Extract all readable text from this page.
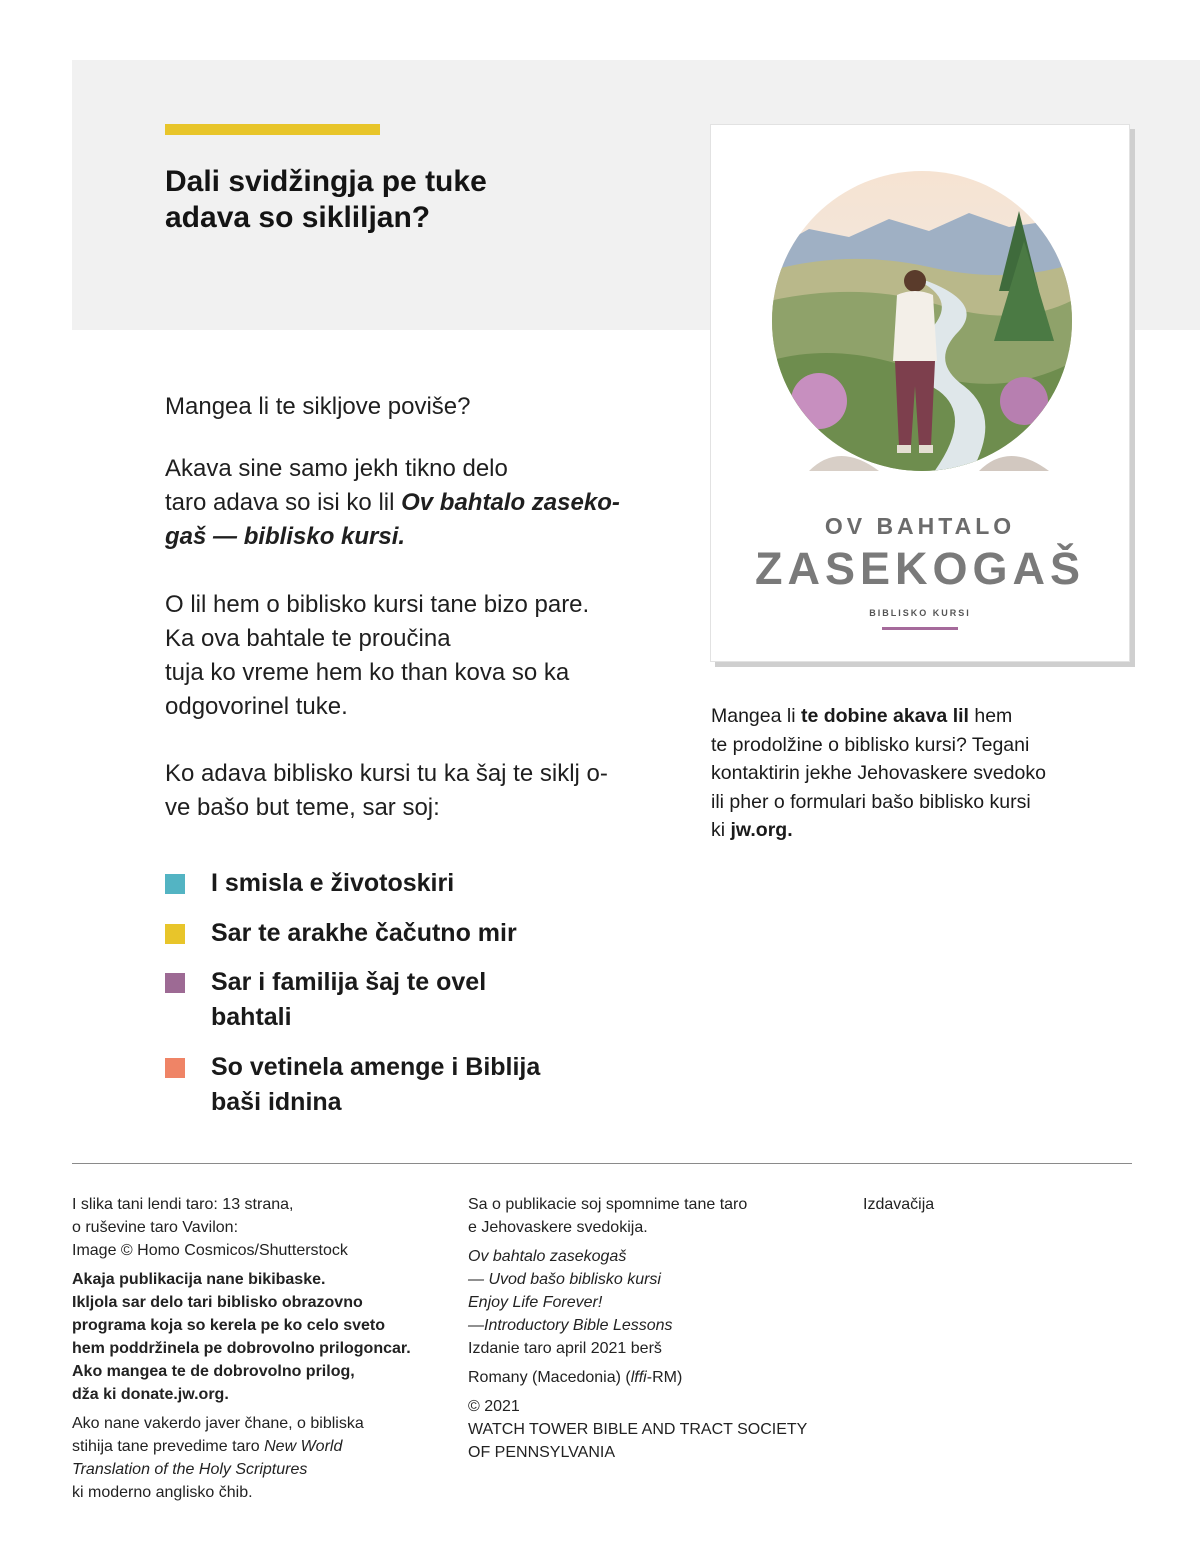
Dali svidžingja pe tuke
adava so sikliljan?

Mangea li te sikljove poviše?

Akava sine samo jekh tikno delo
taro adava so isi ko lil Ov bahtalo zaseko-
gaš — biblisko kursi.

O lil hem o biblisko kursi tane bizo pare.
Ka ova bahtale te proučina
tuja ko vreme hem ko than kova so ka
odgovorinel tuke.

Ko adava biblisko kursi tu ka šaj te siklj o-
ve bašo but teme, sar soj:

I smisla e životoskiri
Sar te arakhe čačutno mir
Sar i familija šaj te ovel
bahtali
So vetinela amenge i Biblija
baši idnina
OV BAHTALO
ZASEKOGAŠ
BIBLISKO KURSI
Mangea li te dobine akava lil hem
te prodolžine o biblisko kursi? Tegani
kontaktirin jekhe Jehovaskere svedoko
ili pher o formulari bašo biblisko kursi
ki jw.org.

I slika tani lendi taro: 13 strana,
o ruševine taro Vavilon:
Image © Homo Cosmicos/Shutterstock

Akaja publikacija nane bikibaske.
Ikljola sar delo tari biblisko obrazovno
programa koja so kerela pe ko celo sveto
hem poddržinela pe dobrovolno prilogoncar.
Ako mangea te de dobrovolno prilog,
dža ki donate.jw.org.

Ako nane vakerdo javer čhane, o bibliska
stihija tane prevedime taro New World
Translation of the Holy Scriptures
ki moderno anglisko čhib.

Sa o publikacie soj spomnime tane taro
e Jehovaskere svedokija.

Ov bahtalo zasekogaš
— Uvod bašo biblisko kursi
Enjoy Life Forever!
—Introductory Bible Lessons
Izdanie taro april 2021 berš

Romany (Macedonia) (lffi-RM)

© 2021
WATCH TOWER BIBLE AND TRACT SOCIETY
OF PENNSYLVANIA

Izdavačija
